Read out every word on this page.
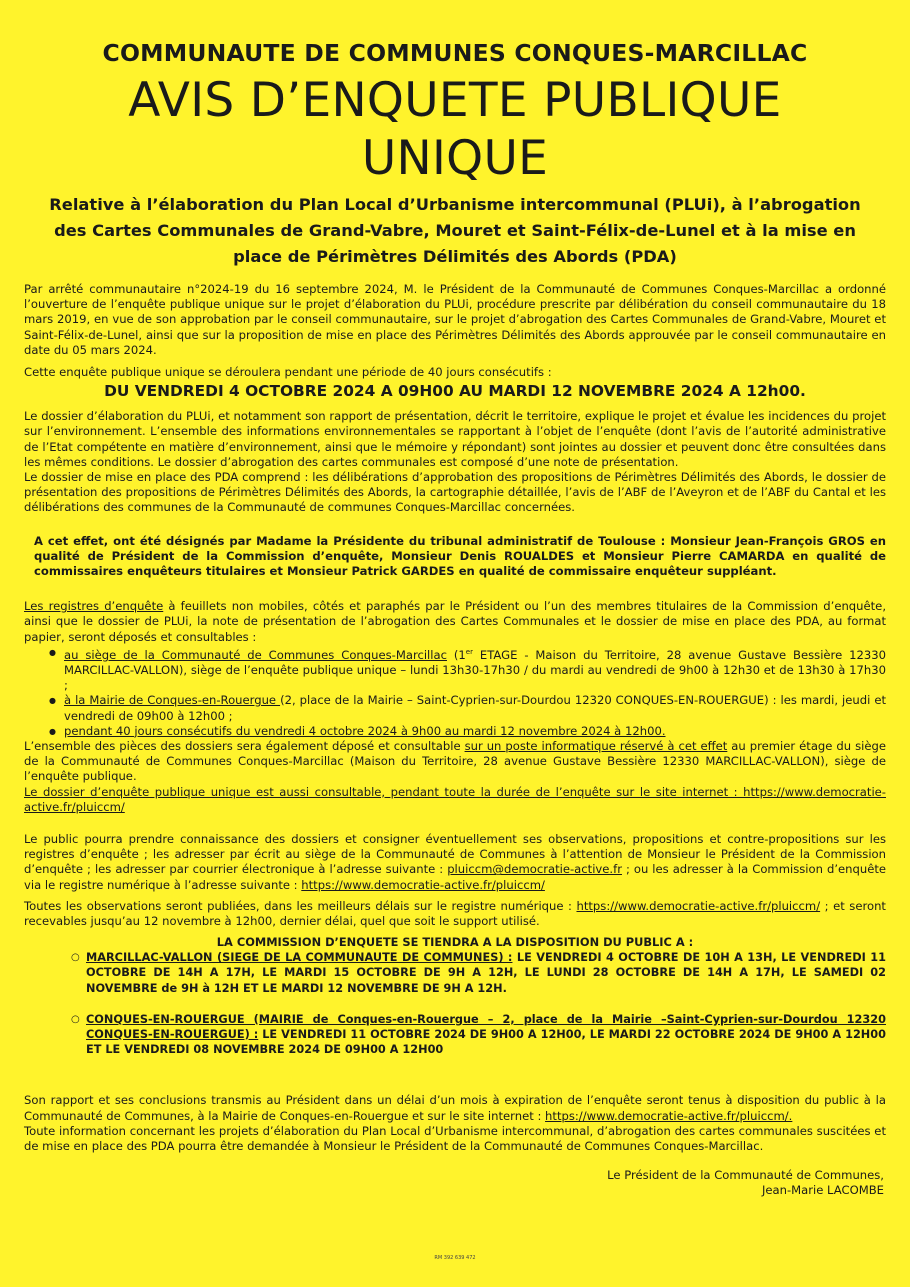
COMMUNAUTE DE COMMUNES CONQUES-MARCILLAC
AVIS D’ENQUETE PUBLIQUE
UNIQUE
Relative à l’élaboration du Plan Local d’Urbanisme intercommunal (PLUi), à l’abrogation des Cartes Communales de Grand-Vabre, Mouret et Saint-Félix-de-Lunel et à la mise en place de Périmètres Délimités des Abords (PDA)

Par arrêté communautaire n°2024-19 du 16 septembre 2024, M. le Président de la Communauté de Communes Conques-Marcillac a ordonné l’ouverture de l’enquête publique unique sur le projet d’élaboration du PLUi, procédure prescrite par délibération du conseil communautaire du 18 mars 2019, en vue de son approbation par le conseil communautaire, sur le projet d’abrogation des Cartes Communales de Grand-Vabre, Mouret et Saint-Félix-de-Lunel, ainsi que sur la proposition de mise en place des Périmètres Délimités des Abords approuvée par le conseil communautaire en date du 05 mars 2024.

Cette enquête publique unique se déroulera pendant une période de 40 jours consécutifs :

DU VENDREDI 4 OCTOBRE 2024 A 09H00 AU MARDI 12 NOVEMBRE 2024 A 12h00.

Le dossier d’élaboration du PLUi, et notamment son rapport de présentation, décrit le territoire, explique le projet et évalue les incidences du projet sur l’environnement. L’ensemble des informations environnementales se rapportant à l’objet de l’enquête (dont l’avis de l’autorité administrative de l’Etat compétente en matière d’environnement, ainsi que le mémoire y répondant) sont jointes au dossier et peuvent donc être consultées dans les mêmes conditions. Le dossier d’abrogation des cartes communales est composé d’une note de présentation.

Le dossier de mise en place des PDA comprend : les délibérations d’approbation des propositions de Périmètres Délimités des Abords, le dossier de présentation des propositions de Périmètres Délimités des Abords, la cartographie détaillée, l’avis de l’ABF de l’Aveyron et de l’ABF du Cantal et les délibérations des communes de la Communauté de communes Conques-Marcillac concernées.

A cet effet, ont été désignés par Madame la Présidente du tribunal administratif de Toulouse : Monsieur Jean-François GROS en qualité de Président de la Commission d’enquête, Monsieur Denis ROUALDES et Monsieur Pierre CAMARDA en qualité de commissaires enquêteurs titulaires et Monsieur Patrick GARDES en qualité de commissaire enquêteur suppléant.

Les registres d’enquête à feuillets non mobiles, côtés et paraphés par le Président ou l’un des membres titulaires de la Commission d’enquête, ainsi que le dossier de PLUi, la note de présentation de l’abrogation des Cartes Communales et le dossier de mise en place des PDA, au format papier, seront déposés et consultables :

● au siège de la Communauté de Communes Conques-Marcillac (1er ETAGE - Maison du Territoire, 28 avenue Gustave Bessière 12330 MARCILLAC-VALLON), siège de l’enquête publique unique – lundi 13h30-17h30 / du mardi au vendredi de 9h00 à 12h30 et de 13h30 à 17h30 ;
● à la Mairie de Conques-en-Rouergue (2, place de la Mairie – Saint-Cyprien-sur-Dourdou 12320 CONQUES-EN-ROUERGUE) : les mardi, jeudi et vendredi de 09h00 à 12h00 ;
● pendant 40 jours consécutifs du vendredi 4 octobre 2024 à 9h00 au mardi 12 novembre 2024 à 12h00.

L’ensemble des pièces des dossiers sera également déposé et consultable sur un poste informatique réservé à cet effet au premier étage du siège de la Communauté de Communes Conques-Marcillac (Maison du Territoire, 28 avenue Gustave Bessière 12330 MARCILLAC-VALLON), siège de l’enquête publique.

Le dossier d’enquête publique unique est aussi consultable, pendant toute la durée de l’enquête sur le site internet : https://www.democratie-active.fr/pluiccm/

Le public pourra prendre connaissance des dossiers et consigner éventuellement ses observations, propositions et contre-propositions sur les registres d’enquête ; les adresser par écrit au siège de la Communauté de Communes à l’attention de Monsieur le Président de la Commission d’enquête ; les adresser par courrier électronique à l’adresse suivante : pluiccm@democratie-active.fr ; ou les adresser à la Commission d’enquête via le registre numérique à l’adresse suivante : https://www.democratie-active.fr/pluiccm/

Toutes les observations seront publiées, dans les meilleurs délais sur le registre numérique : https://www.democratie-active.fr/pluiccm/ ; et seront recevables jusqu’au 12 novembre à 12h00, dernier délai, quel que soit le support utilisé.

LA COMMISSION D’ENQUETE SE TIENDRA A LA DISPOSITION DU PUBLIC A :
○ MARCILLAC-VALLON (SIEGE DE LA COMMUNAUTE DE COMMUNES) : LE VENDREDI 4 OCTOBRE DE 10H A 13H, LE VENDREDI 11 OCTOBRE DE 14H A 17H, LE MARDI 15 OCTOBRE DE 9H A 12H, LE LUNDI 28 OCTOBRE DE 14H A 17H, LE SAMEDI 02 NOVEMBRE de 9H à 12H ET LE MARDI 12 NOVEMBRE DE 9H A 12H.
○ CONQUES-EN-ROUERGUE (MAIRIE de Conques-en-Rouergue – 2, place de la Mairie –Saint-Cyprien-sur-Dourdou 12320 CONQUES-EN-ROUERGUE) : LE VENDREDI 11 OCTOBRE 2024 DE 9H00 A 12H00, LE MARDI 22 OCTOBRE 2024 DE 9H00 A 12H00 ET LE VENDREDI 08 NOVEMBRE 2024 DE 09H00 A 12H00

Son rapport et ses conclusions transmis au Président dans un délai d’un mois à expiration de l’enquête seront tenus à disposition du public à la Communauté de Communes, à la Mairie de Conques-en-Rouergue et sur le site internet : https://www.democratie-active.fr/pluiccm/.

Toute information concernant les projets d’élaboration du Plan Local d’Urbanisme intercommunal, d’abrogation des cartes communales suscitées et de mise en place des PDA pourra être demandée à Monsieur le Président de la Communauté de Communes Conques-Marcillac.

Le Président de la Communauté de Communes,
Jean-Marie LACOMBE
RM 392 639 472
